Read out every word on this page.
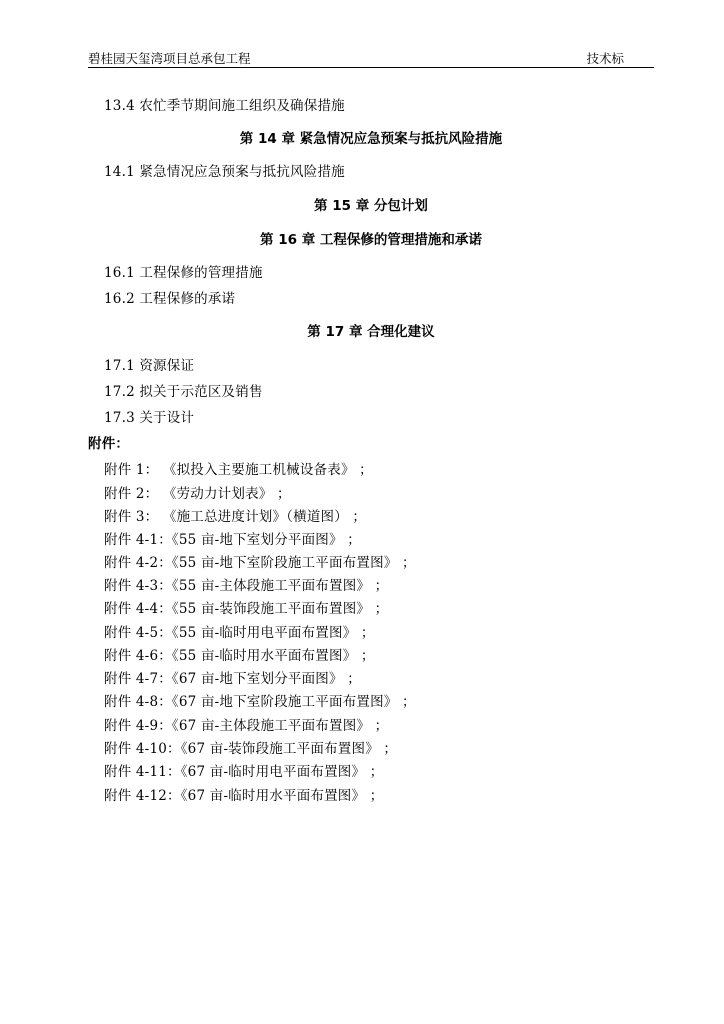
碧桂园天玺湾项目总承包工程	技术标
13.4 农忙季节期间施工组织及确保措施
第 14 章 紧急情况应急预案与抵抗风险措施
14.1 紧急情况应急预案与抵抗风险措施
第 15 章 分包计划
第 16 章 工程保修的管理措施和承诺
16.1 工程保修的管理措施
16.2 工程保修的承诺
第 17 章 合理化建议
17.1 资源保证
17.2 拟关于示范区及销售
17.3 关于设计
附件：
附件 1： 《拟投入主要施工机械设备表》 ；
附件 2： 《劳动力计划表》 ；
附件 3： 《施工总进度计划》（横道图） ；
附件 4-1：《55 亩-地下室划分平面图》 ；
附件 4-2：《55 亩-地下室阶段施工平面布置图》 ；
附件 4-3：《55 亩-主体段施工平面布置图》 ；
附件 4-4：《55 亩-装饰段施工平面布置图》 ；
附件 4-5：《55 亩-临时用电平面布置图》 ；
附件 4-6：《55 亩-临时用水平面布置图》 ；
附件 4-7：《67 亩-地下室划分平面图》 ；
附件 4-8：《67 亩-地下室阶段施工平面布置图》 ；
附件 4-9：《67 亩-主体段施工平面布置图》 ；
附件 4-10：《67 亩-装饰段施工平面布置图》 ；
附件 4-11：《67 亩-临时用电平面布置图》 ；
附件 4-12：《67 亩-临时用水平面布置图》 ；
